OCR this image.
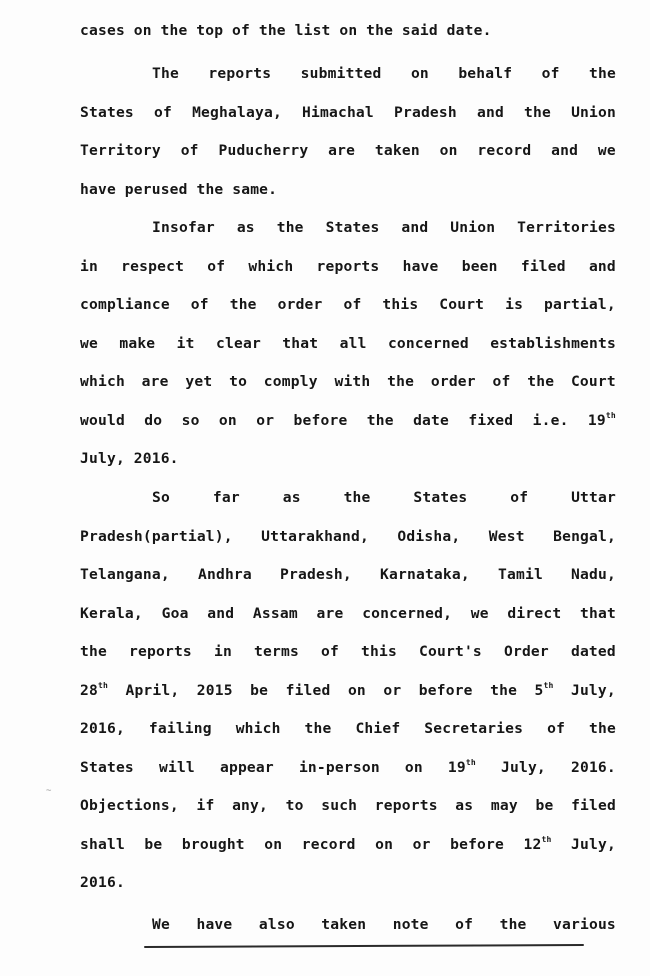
cases on the top of the list on the said date.
The reports submitted on behalf of the
States of Meghalaya, Himachal Pradesh and the Union
Territory of Puducherry are taken on record and we
have perused the same.
Insofar as the States and Union Territories
in respect of which reports have been filed and
compliance of the order of this Court is partial,
we make it clear that all concerned establishments
which are yet to comply with the order of the Court
would do so on or before the date fixed i.e. 19th
July, 2016.
So	far	as	the	States	of	Uttar
Pradesh(partial), Uttarakhand, Odisha, West Bengal,
Telangana, Andhra Pradesh, Karnataka, Tamil Nadu,
Kerala, Goa and Assam are concerned, we direct that
the reports in terms of this Court's Order dated
28th April, 2015 be filed on or before the 5th July,
2016, failing which the Chief Secretaries of the
States will appear in-person on 19th July, 2016.
Objections, if any, to such reports as may be filed
shall be brought on record on or before 12th July,
2016.
We have also taken note of the various
~
